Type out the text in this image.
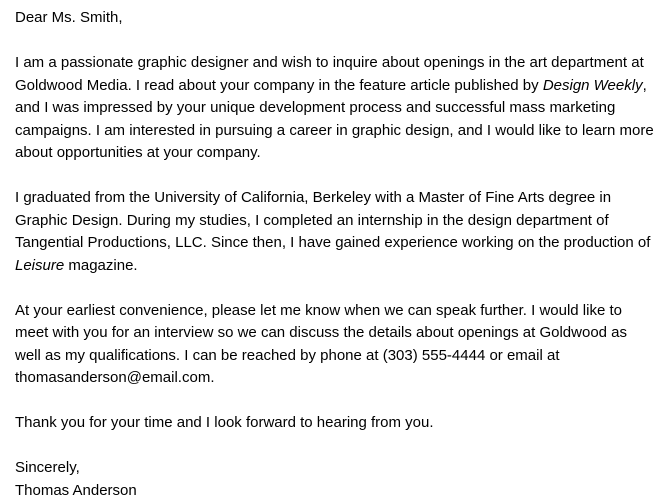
Dear Ms. Smith,
I am a passionate graphic designer and wish to inquire about openings in the art department at
Goldwood Media. I read about your company in the feature article published by Design Weekly,
and I was impressed by your unique development process and successful mass marketing
campaigns. I am interested in pursuing a career in graphic design, and I would like to learn more
about opportunities at your company.
I graduated from the University of California, Berkeley with a Master of Fine Arts degree in
Graphic Design. During my studies, I completed an internship in the design department of
Tangential Productions, LLC. Since then, I have gained experience working on the production of
Leisure magazine.
At your earliest convenience, please let me know when we can speak further. I would like to
meet with you for an interview so we can discuss the details about openings at Goldwood as
well as my qualifications. I can be reached by phone at (303) 555-4444 or email at
thomasanderson@email.com.
Thank you for your time and I look forward to hearing from you.
Sincerely,
Thomas Anderson
